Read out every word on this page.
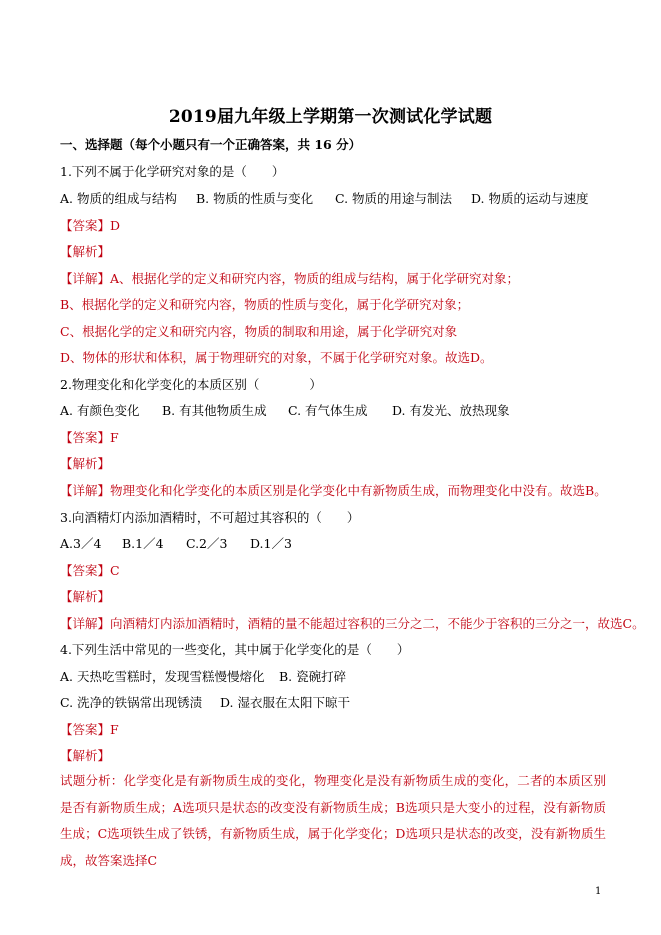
2019届九年级上学期第一次测试化学试题
一、选择题（每个小题只有一个正确答案，共 16 分）
1.下列不属于化学研究对象的是（　　）
A. 物质的组成与结构 B. 物质的性质与变化 C. 物质的用途与制法 D. 物质的运动与速度
【答案】D
【解析】
【详解】A、根据化学的定义和研究内容，物质的组成与结构，属于化学研究对象；
B、根据化学的定义和研究内容，物质的性质与变化，属于化学研究对象；
C、根据化学的定义和研究内容，物质的制取和用途，属于化学研究对象
D、物体的形状和体积，属于物理研究的对象，不属于化学研究对象。故选D。
2.物理变化和化学变化的本质区别（　　　　）
A. 有颜色变化 B. 有其他物质生成 C. 有气体生成 D. 有发光、放热现象
【答案】F
【解析】
【详解】物理变化和化学变化的本质区别是化学变化中有新物质生成，而物理变化中没有。故选B。
3.向酒精灯内添加酒精时，不可超过其容积的（　　）
A.3／4 B.1／4 C.2／3 D.1／3
【答案】C
【解析】
【详解】向酒精灯内添加酒精时，酒精的量不能超过容积的三分之二，不能少于容积的三分之一，故选C。
4.下列生活中常见的一些变化，其中属于化学变化的是（　　）
A. 天热吃雪糕时，发现雪糕慢慢熔化 B. 瓷碗打碎
C. 洗净的铁锅常出现锈渍 D. 湿衣服在太阳下晾干
【答案】F
【解析】
试题分析：化学变化是有新物质生成的变化，物理变化是没有新物质生成的变化，二者的本质区别是否有新物质生成；A选项只是状态的改变没有新物质生成；B选项只是大变小的过程，没有新物质生成；C选项铁生成了铁锈，有新物质生成，属于化学变化；D选项只是状态的改变，没有新物质生成，故答案选择C
1
